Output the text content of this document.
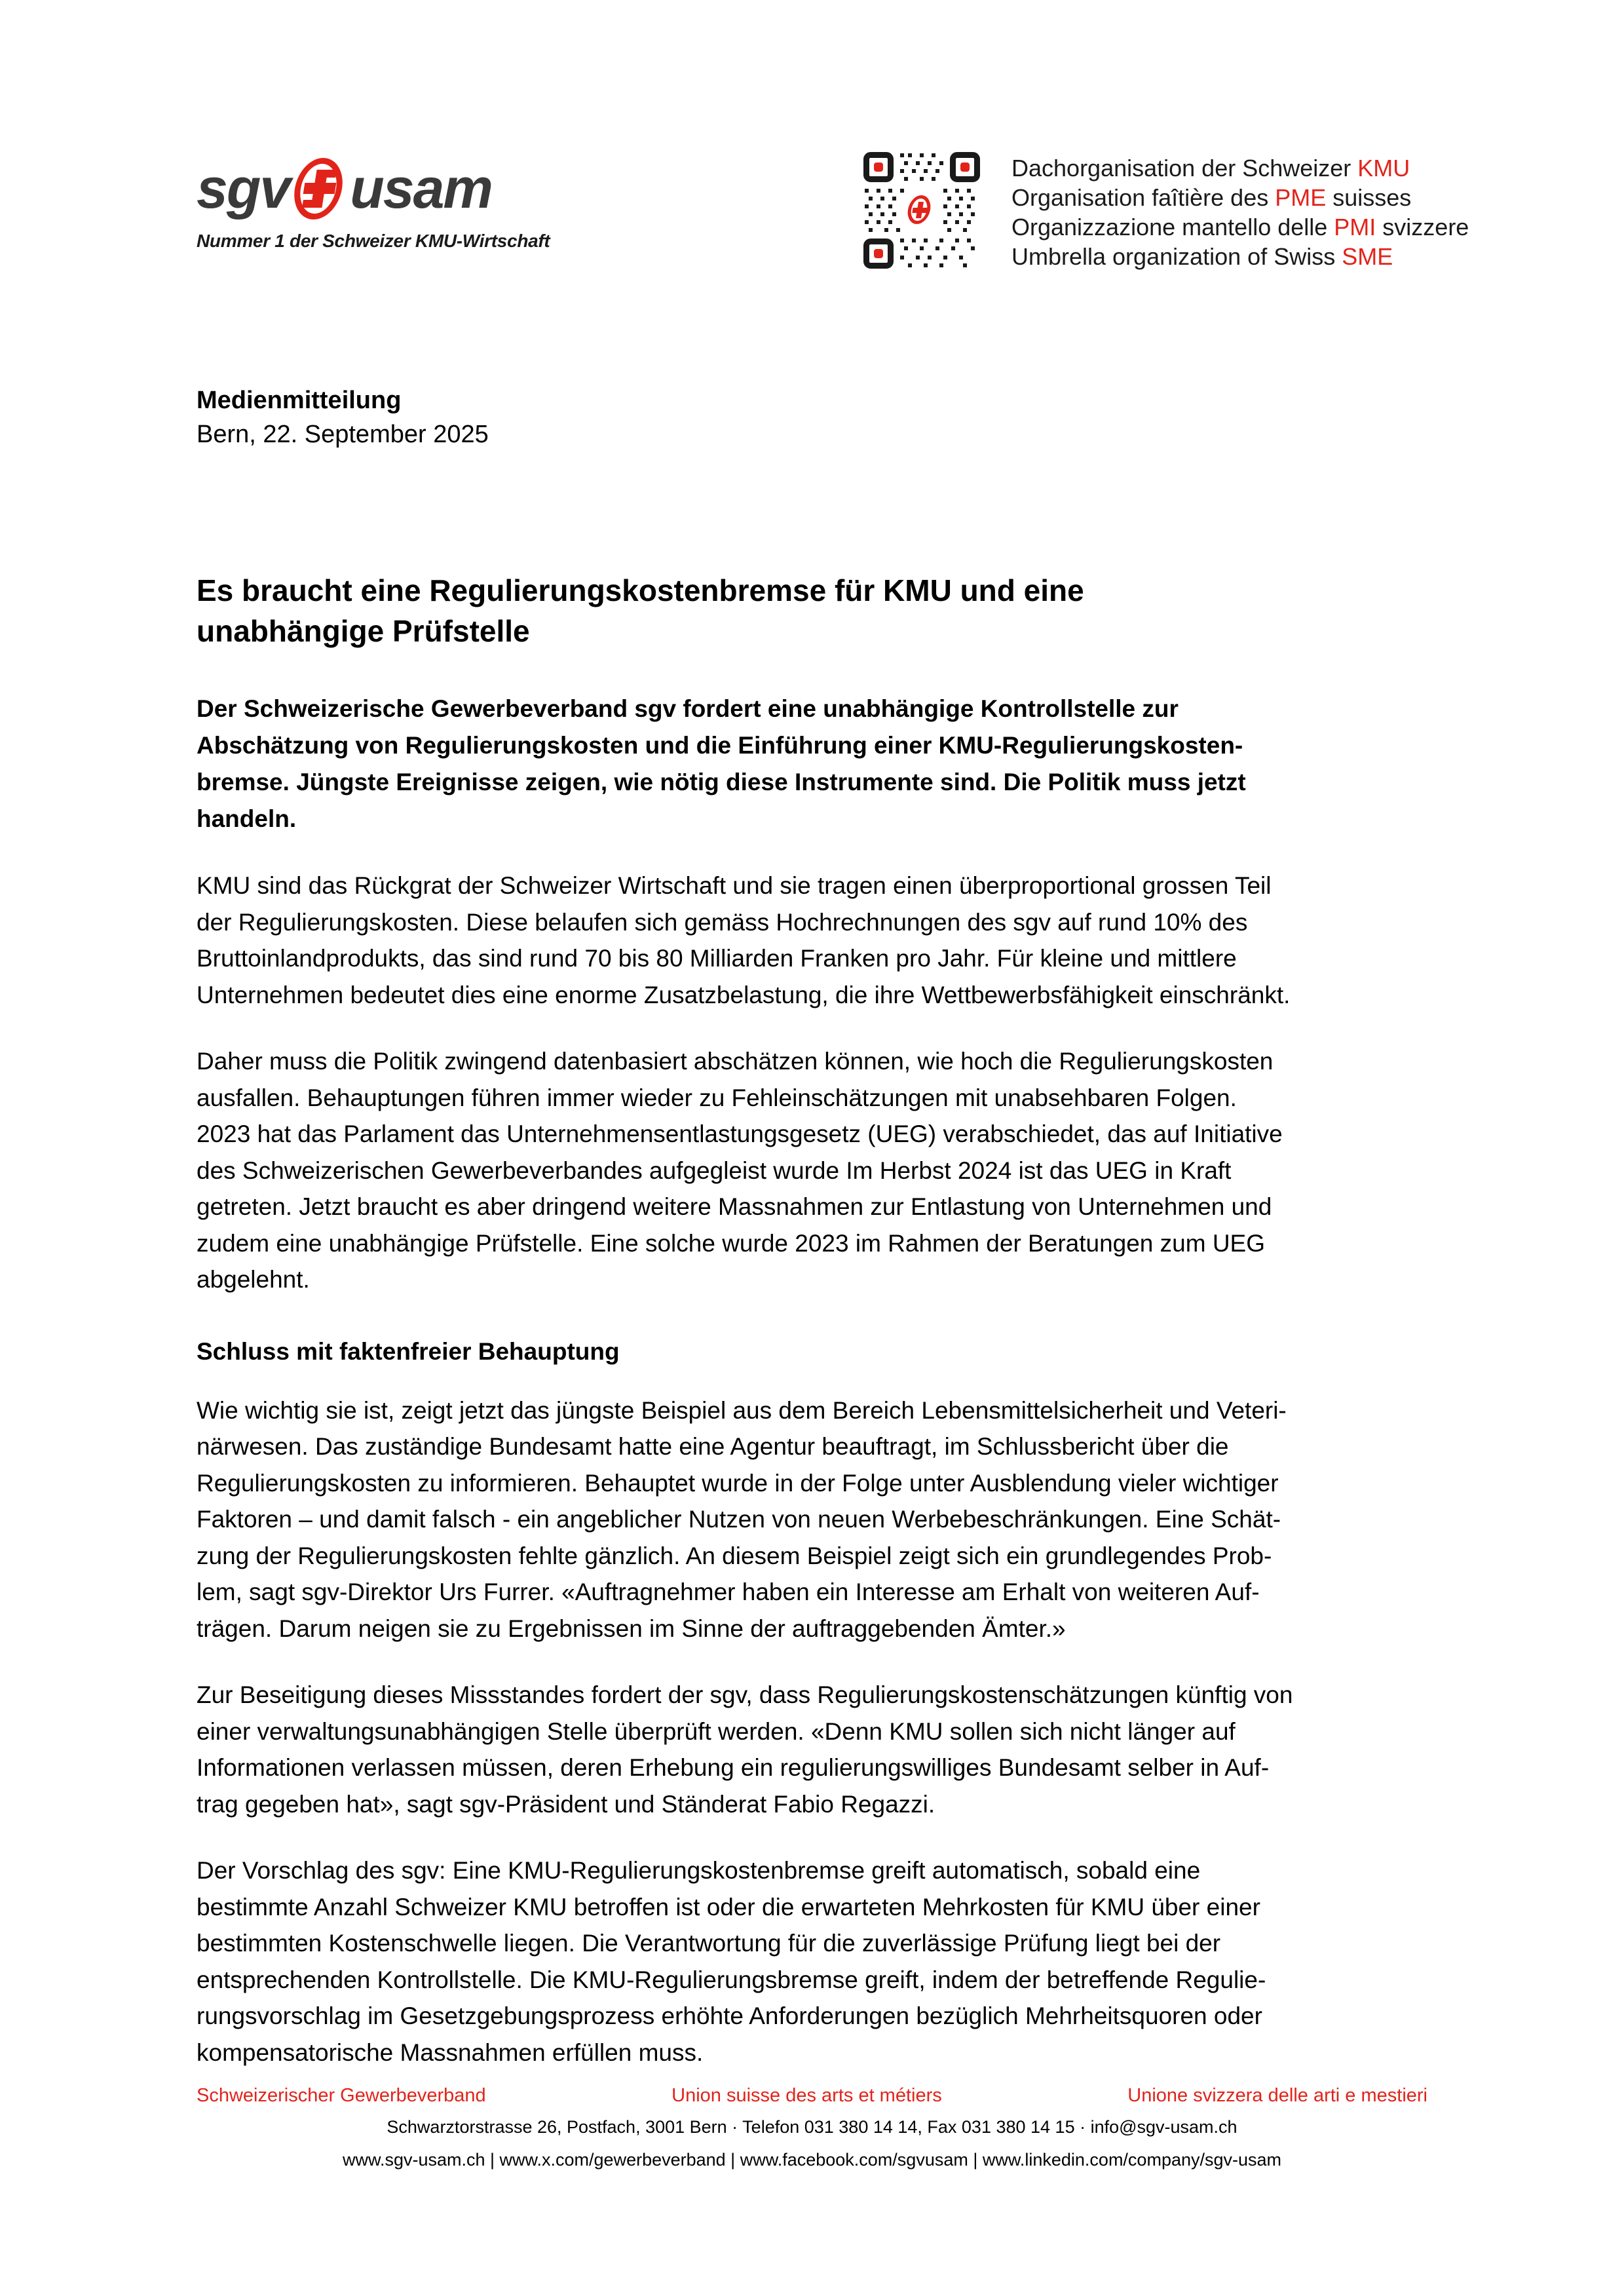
sgv usam
Nummer 1 der Schweizer KMU-Wirtschaft
Dachorganisation der Schweizer KMU
Organisation faîtière des PME suisses
Organizzazione mantello delle PMI svizzere
Umbrella organization of Swiss SME
Medienmitteilung
Bern, 22. September 2025
Es braucht eine Regulierungskostenbremse für KMU und eine
unabhängige Prüfstelle
Der Schweizerische Gewerbeverband sgv fordert eine unabhängige Kontrollstelle zur
Abschätzung von Regulierungskosten und die Einführung einer KMU-Regulierungskosten-
bremse. Jüngste Ereignisse zeigen, wie nötig diese Instrumente sind. Die Politik muss jetzt
handeln.

KMU sind das Rückgrat der Schweizer Wirtschaft und sie tragen einen überproportional grossen Teil
der Regulierungskosten. Diese belaufen sich gemäss Hochrechnungen des sgv auf rund 10% des
Bruttoinlandprodukts, das sind rund 70 bis 80 Milliarden Franken pro Jahr. Für kleine und mittlere
Unternehmen bedeutet dies eine enorme Zusatzbelastung, die ihre Wettbewerbsfähigkeit einschränkt.

Daher muss die Politik zwingend datenbasiert abschätzen können, wie hoch die Regulierungskosten
ausfallen. Behauptungen führen immer wieder zu Fehleinschätzungen mit unabsehbaren Folgen.
2023 hat das Parlament das Unternehmensentlastungsgesetz (UEG) verabschiedet, das auf Initiative
des Schweizerischen Gewerbeverbandes aufgegleist wurde Im Herbst 2024 ist das UEG in Kraft
getreten. Jetzt braucht es aber dringend weitere Massnahmen zur Entlastung von Unternehmen und
zudem eine unabhängige Prüfstelle. Eine solche wurde 2023 im Rahmen der Beratungen zum UEG
abgelehnt.

Schluss mit faktenfreier Behauptung

Wie wichtig sie ist, zeigt jetzt das jüngste Beispiel aus dem Bereich Lebensmittelsicherheit und Veteri-
närwesen. Das zuständige Bundesamt hatte eine Agentur beauftragt, im Schlussbericht über die
Regulierungskosten zu informieren. Behauptet wurde in der Folge unter Ausblendung vieler wichtiger
Faktoren – und damit falsch - ein angeblicher Nutzen von neuen Werbebeschränkungen. Eine Schät-
zung der Regulierungskosten fehlte gänzlich. An diesem Beispiel zeigt sich ein grundlegendes Prob-
lem, sagt sgv-Direktor Urs Furrer. «Auftragnehmer haben ein Interesse am Erhalt von weiteren Auf-
trägen. Darum neigen sie zu Ergebnissen im Sinne der auftraggebenden Ämter.»

Zur Beseitigung dieses Missstandes fordert der sgv, dass Regulierungskostenschätzungen künftig von
einer verwaltungsunabhängigen Stelle überprüft werden. «Denn KMU sollen sich nicht länger auf
Informationen verlassen müssen, deren Erhebung ein regulierungswilliges Bundesamt selber in Auf-
trag gegeben hat», sagt sgv-Präsident und Ständerat Fabio Regazzi.

Der Vorschlag des sgv: Eine KMU-Regulierungskostenbremse greift automatisch, sobald eine
bestimmte Anzahl Schweizer KMU betroffen ist oder die erwarteten Mehrkosten für KMU über einer
bestimmten Kostenschwelle liegen. Die Verantwortung für die zuverlässige Prüfung liegt bei der
entsprechenden Kontrollstelle. Die KMU-Regulierungsbremse greift, indem der betreffende Regulie-
rungsvorschlag im Gesetzgebungsprozess erhöhte Anforderungen bezüglich Mehrheitsquoren oder
kompensatorische Massnahmen erfüllen muss.

Schweizerischer Gewerbeverband	Union suisse des arts et métiers	Unione svizzera delle arti e mestieri
Schwarztorstrasse 26, Postfach, 3001 Bern · Telefon 031 380 14 14, Fax 031 380 14 15 · info@sgv-usam.ch
www.sgv-usam.ch | www.x.com/gewerbeverband | www.facebook.com/sgvusam | www.linkedin.com/company/sgv-usam
